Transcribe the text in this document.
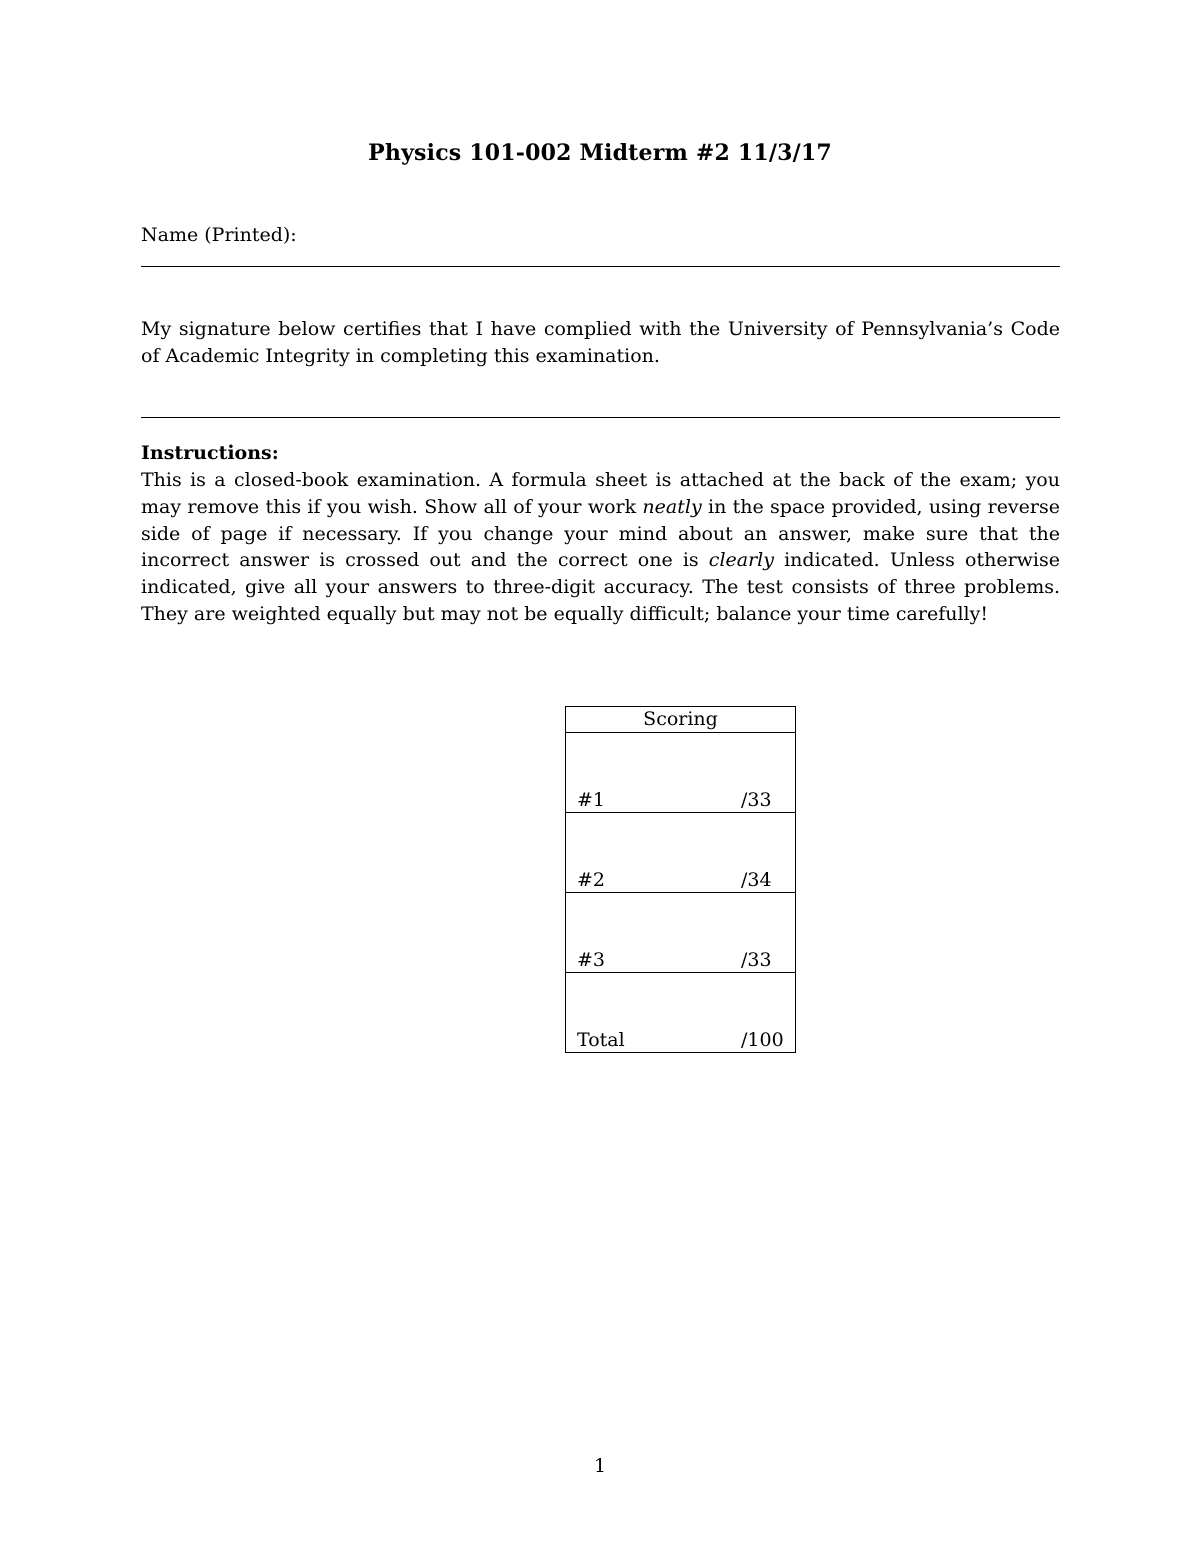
Physics 101-002 Midterm #2 11/3/17
Name (Printed):

My signature below certifies that I have complied with the University of Pennsylvania’s Code of Academic Integrity in completing this examination.

Instructions:

This is a closed-book examination. A formula sheet is attached at the back of the exam; you may remove this if you wish. Show all of your work neatly in the space provided, using reverse side of page if necessary. If you change your mind about an answer, make sure that the incorrect answer is crossed out and the correct one is clearly indicated. Unless otherwise indicated, give all your answers to three-digit accuracy. The test consists of three problems. They are weighted equally but may not be equally difficult; balance your time carefully!

Scoring

#1	/33

#2	/34

#3	/33

Total	/100
1
